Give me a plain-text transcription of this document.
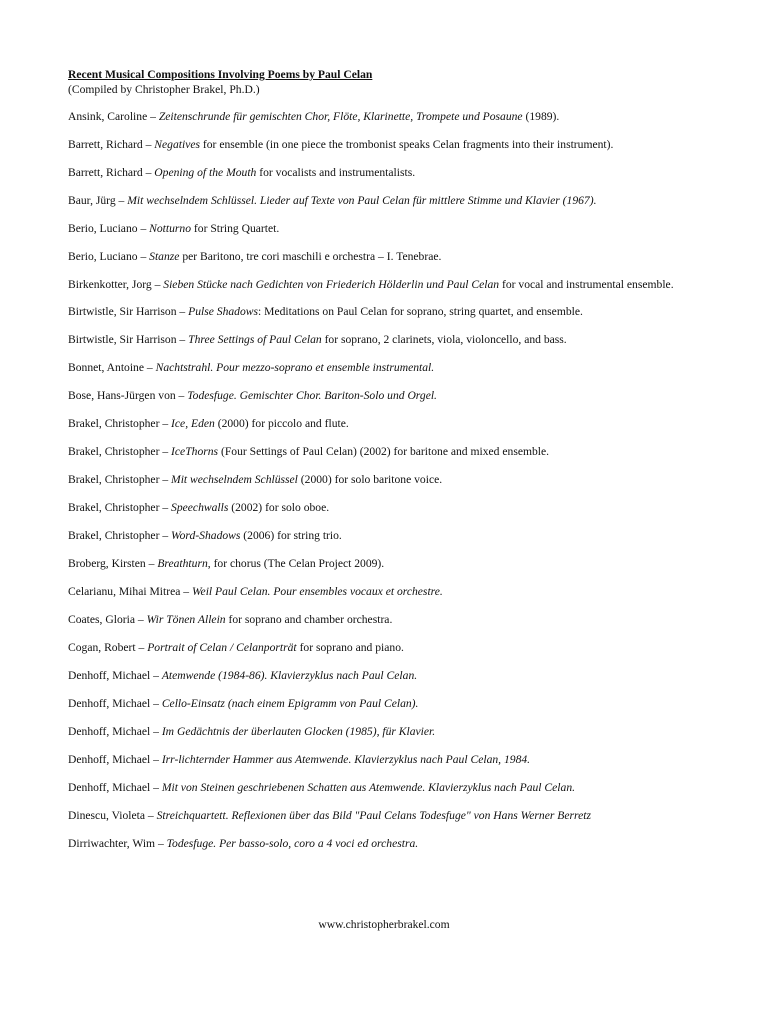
Recent Musical Compositions Involving Poems by Paul Celan
(Compiled by Christopher Brakel, Ph.D.)
Ansink, Caroline – Zeitenschrunde für gemischten Chor, Flöte, Klarinette, Trompete und Posaune (1989).
Barrett, Richard – Negatives for ensemble (in one piece the trombonist speaks Celan fragments into their instrument).
Barrett, Richard – Opening of the Mouth for vocalists and instrumentalists.
Baur, Jürg – Mit wechselndem Schlüssel. Lieder auf Texte von Paul Celan für mittlere Stimme und Klavier (1967).
Berio, Luciano – Notturno for String Quartet.
Berio, Luciano – Stanze per Baritono, tre cori maschili e orchestra – I. Tenebrae.
Birkenkotter, Jorg – Sieben Stücke nach Gedichten von Friederich Hölderlin und Paul Celan for vocal and instrumental ensemble.
Birtwistle, Sir Harrison – Pulse Shadows: Meditations on Paul Celan for soprano, string quartet, and ensemble.
Birtwistle, Sir Harrison – Three Settings of Paul Celan for soprano, 2 clarinets, viola, violoncello, and bass.
Bonnet, Antoine – Nachtstrahl. Pour mezzo-soprano et ensemble instrumental.
Bose, Hans-Jürgen von – Todesfuge. Gemischter Chor. Bariton-Solo und Orgel.
Brakel, Christopher – Ice, Eden (2000) for piccolo and flute.
Brakel, Christopher – IceThorns (Four Settings of Paul Celan) (2002) for baritone and mixed ensemble.
Brakel, Christopher – Mit wechselndem Schlüssel (2000) for solo baritone voice.
Brakel, Christopher – Speechwalls (2002) for solo oboe.
Brakel, Christopher – Word-Shadows (2006) for string trio.
Broberg, Kirsten – Breathturn, for chorus (The Celan Project 2009).
Celarianu, Mihai Mitrea – Weil Paul Celan. Pour ensembles vocaux et orchestre.
Coates, Gloria – Wir Tönen Allein for soprano and chamber orchestra.
Cogan, Robert – Portrait of Celan / Celanporträt for soprano and piano.
Denhoff, Michael – Atemwende (1984-86). Klavierzyklus nach Paul Celan.
Denhoff, Michael – Cello-Einsatz (nach einem Epigramm von Paul Celan).
Denhoff, Michael – Im Gedächtnis der überlauten Glocken (1985), für Klavier.
Denhoff, Michael – Irr-lichternder Hammer aus Atemwende. Klavierzyklus nach Paul Celan, 1984.
Denhoff, Michael – Mit von Steinen geschriebenen Schatten aus Atemwende. Klavierzyklus nach Paul Celan.
Dinescu, Violeta – Streichquartett. Reflexionen über das Bild "Paul Celans Todesfuge" von Hans Werner Berretz
Dirriwachter, Wim – Todesfuge. Per basso-solo, coro a 4 voci ed orchestra.
www.christopherbrakel.com
